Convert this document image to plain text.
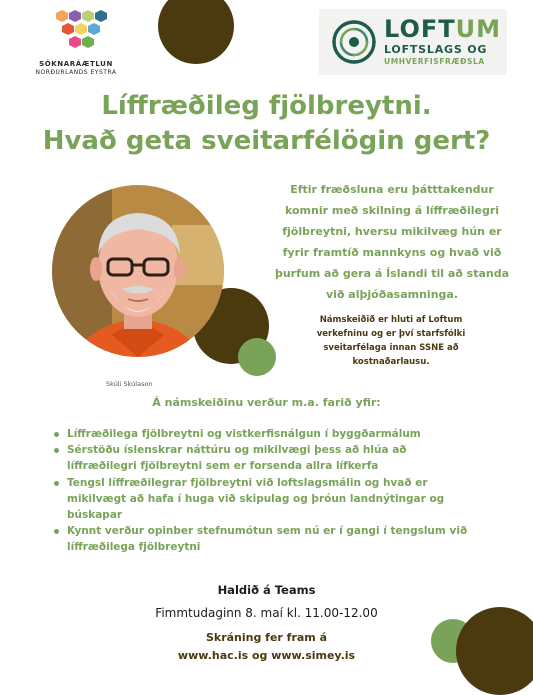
SÓKNARÁÆTLUN
NORÐURLANDS EYSTRA
LOFTUM
LOFTSLAGS OG
UMHVERFISFRÆÐSLA
Líffræðileg fjölbreytni.
Hvað geta sveitarfélögin gert?
Skúli Skúlason
Eftir fræðsluna eru þátttakendur
komnir með skilning á líffræðilegri
fjölbreytni, hversu mikilvæg hún er
fyrir framtíð mannkyns og hvað við
þurfum að gera á Íslandi til að standa
við alþjóðasamninga.
Námskeiðið er hluti af Loftum
verkefninu og er því starfsfólki
sveitarfélaga innan SSNE að
kostnaðarlausu.
Á námskeiðinu verður m.a. farið yfir:
Líffræðilega fjölbreytni og vistkerfisnálgun í byggðarmálum
Sérstöðu íslenskrar náttúru og mikilvægi þess að hlúa að
líffræðilegri fjölbreytni sem er forsenda allra lífkerfa
Tengsl líffræðilegrar fjölbreytni við loftslagsmálin og hvað er
mikilvægt að hafa í huga við skipulag og þróun landnýtingar og
búskapar
Kynnt verður opinber stefnumótun sem nú er í gangi í tengslum við
líffræðilega fjölbreytni
Haldið á Teams
Fimmtudaginn 8. maí kl. 11.00-12.00
Skráning fer fram á
www.hac.is og www.simey.is
